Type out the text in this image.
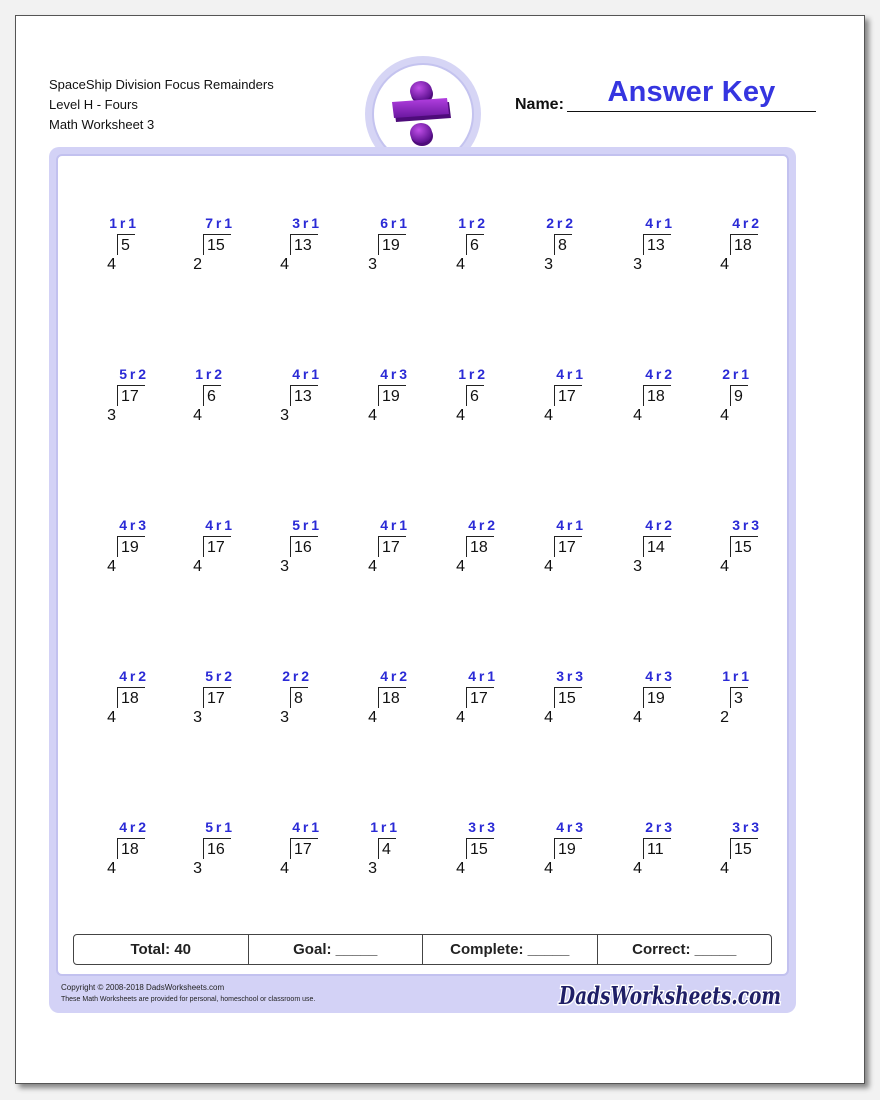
SpaceShip Division Focus Remainders
Level H - Fours
Math Worksheet 3
Name:	Answer Key
5
4
1 r 1
15
2
7 r 1
13
4
3 r 1
19
3
6 r 1
6
4
1 r 2
8
3
2 r 2
13
3
4 r 1
18
4
4 r 2
17
3
5 r 2
6
4
1 r 2
13
3
4 r 1
19
4
4 r 3
6
4
1 r 2
17
4
4 r 1
18
4
4 r 2
9
4
2 r 1
19
4
4 r 3
17
4
4 r 1
16
3
5 r 1
17
4
4 r 1
18
4
4 r 2
17
4
4 r 1
14
3
4 r 2
15
4
3 r 3
18
4
4 r 2
17
3
5 r 2
8
3
2 r 2
18
4
4 r 2
17
4
4 r 1
15
4
3 r 3
19
4
4 r 3
3
2
1 r 1
18
4
4 r 2
16
3
5 r 1
17
4
4 r 1
4
3
1 r 1
15
4
3 r 3
19
4
4 r 3
11
4
2 r 3
15
4
3 r 3
Total: 40	Goal: _____	Complete: _____	Correct: _____
Copyright © 2008-2018 DadsWorksheets.com
These Math Worksheets are provided for personal, homeschool or classroom use.	DadsWorksheets.com
